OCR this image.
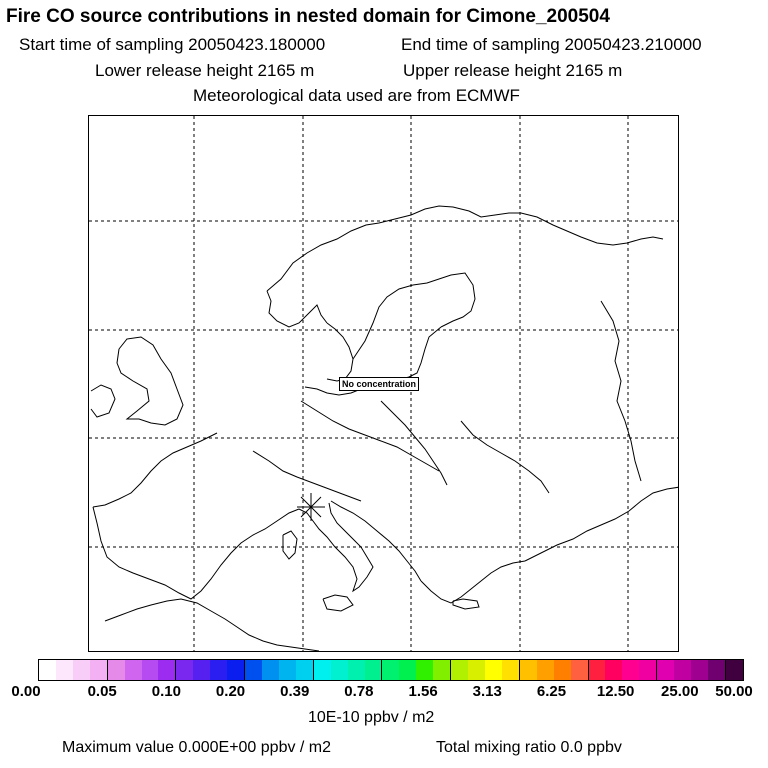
Fire CO source contributions in nested domain for Cimone_200504
Start time of sampling 20050423.180000	End time of sampling 20050423.210000
Lower release height 2165 m	Upper release height 2165 m
Meteorological data used are from ECMWF
No concentration
0.00	0.05 0.10 0.20 0.39 0.78 1.56 3.13 6.25 12.50 25.00 50.00
10E-10 ppbv / m2
Maximum value 0.000E+00 ppbv / m2	Total mixing ratio 0.0 ppbv
